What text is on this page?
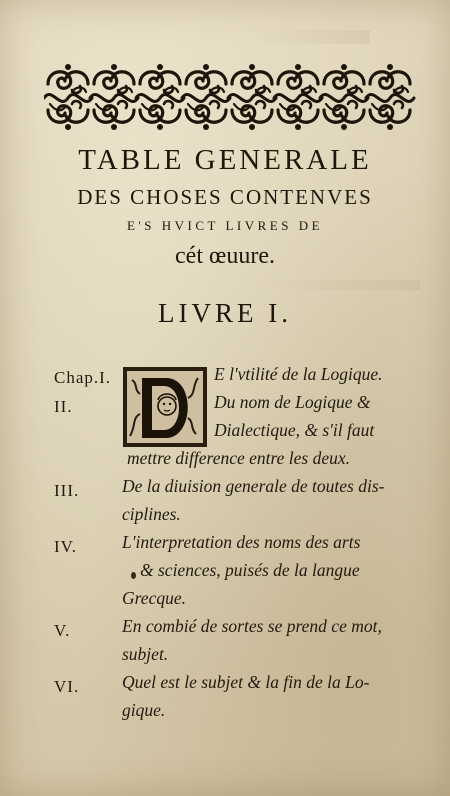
TABLE GENERALE
DES CHOSES CONTENVES
E'S HVICT LIVRES DE
cét œuure.
LIVRE I.
Chap.I.	E l'vtilité de la Logique.
II.	Du nom de Logique &
Dialectique, & s'il faut
mettre difference entre les deux.
III. De la diuision generale de toutes dis-
ciplines.
IV.	L'interpretation des noms des arts
& sciences, puisés de la langue
Grecque.
V.	En combié de sortes se prend ce mot,
subjet.
VI. Quel est le subjet & la fin de la Lo-
gique.
